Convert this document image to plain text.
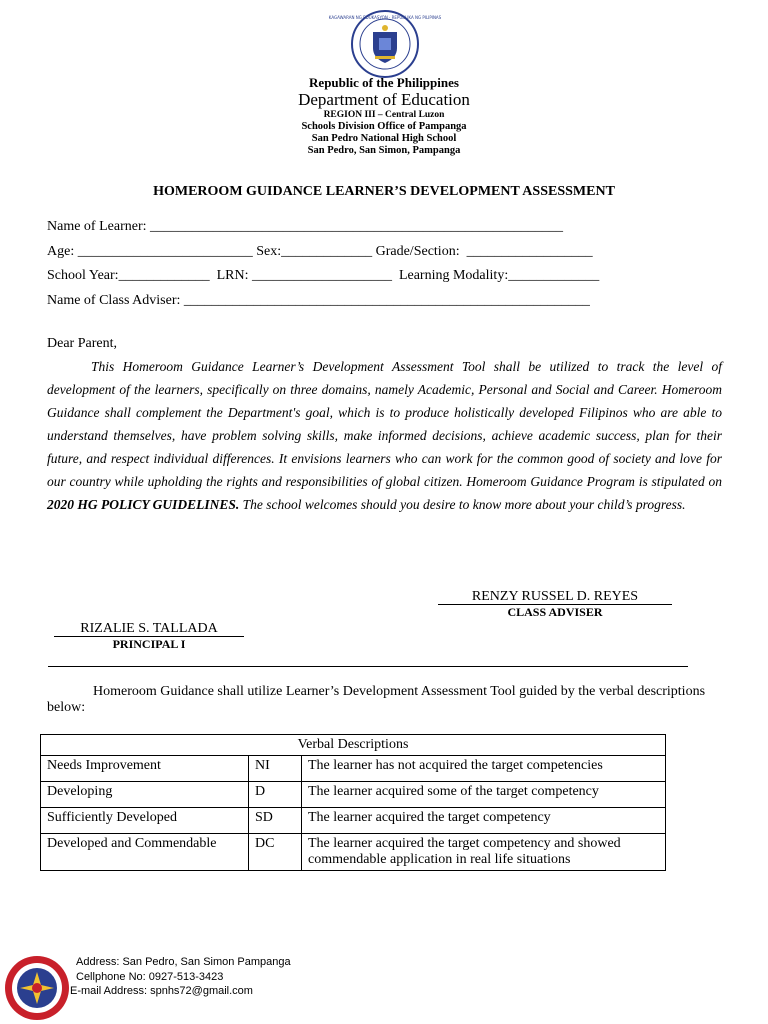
KAGAWARAN NG EDUKASYON · REPUBLIKA NG PILIPINAS
Republic of the Philippines
Department of Education
REGION III – Central Luzon
Schools Division Office of Pampanga
San Pedro National High School
San Pedro, San Simon, Pampanga
HOMEROOM GUIDANCE LEARNER’S DEVELOPMENT ASSESSMENT
Name of Learner: ___________________________________________________________
Age: _________________________ Sex:_____________ Grade/Section: __________________
School Year:_____________ LRN: ____________________ Learning Modality:_____________
Name of Class Adviser: __________________________________________________________
Dear Parent,
This Homeroom Guidance Learner’s Development Assessment Tool shall be utilized to track the level of development of the learners, specifically on three domains, namely Academic, Personal and Social and Career. Homeroom Guidance shall complement the Department's goal, which is to produce holistically developed Filipinos who are able to understand themselves, have problem solving skills, make informed decisions, achieve academic success, plan for their future, and respect individual differences. It envisions learners who can work for the common good of society and love for our country while upholding the rights and responsibilities of global citizen. Homeroom Guidance Program is stipulated on 2020 HG POLICY GUIDELINES. The school welcomes should you desire to know more about your child’s progress.
RENZY RUSSEL D. REYES
CLASS ADVISER
RIZALIE S. TALLADA
PRINCIPAL I
Homeroom Guidance shall utilize Learner’s Development Assessment Tool guided by the verbal descriptions below:
Verbal Descriptions		
Needs Improvement	NI	The learner has not acquired the target competencies
Developing	D	The learner acquired some of the target competency
Sufficiently Developed	SD	The learner acquired the target competency
Developed and Commendable	DC	The learner acquired the target competency and showed commendable application in real life situations
Address: San Pedro, San Simon Pampanga
Cellphone No: 0927-513-3423
E-mail Address: spnhs72@gmail.com
